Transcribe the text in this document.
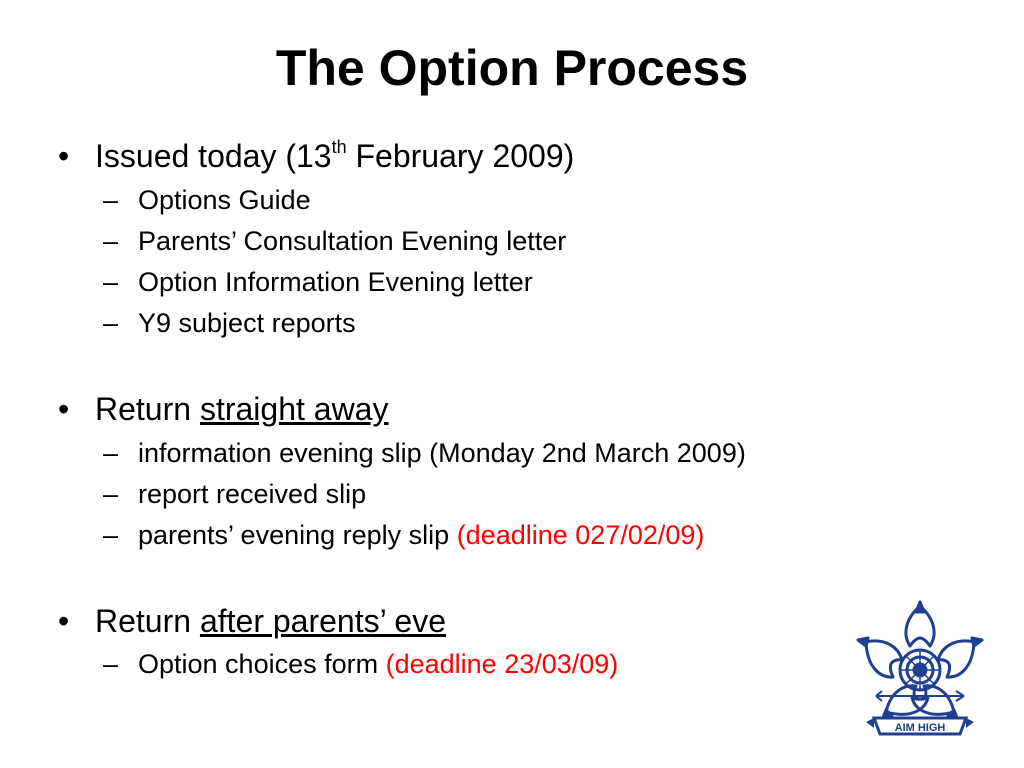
The Option Process
• Issued today (13th February 2009)
– Options Guide
– Parents’ Consultation Evening letter
– Option Information Evening letter
– Y9 subject reports
• Return straight away
– information evening slip (Monday 2nd March 2009)
– report received slip
– parents’ evening reply slip (deadline 027/02/09)
• Return after parents’ eve
– Option choices form (deadline 23/03/09)
AIM HIGH
